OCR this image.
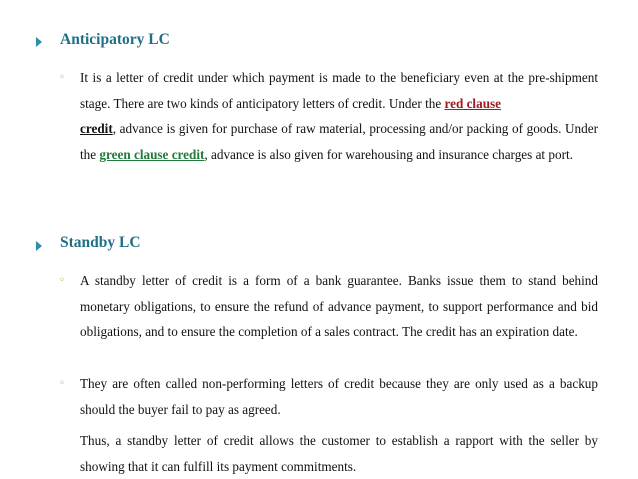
Anticipatory LC
◦ It is a letter of credit under which payment is made to the beneficiary even at the pre-shipment stage. There are two kinds of anticipatory letters of credit. Under the red clause
credit, advance is given for purchase of raw material, processing and/or packing of goods. Under the green clause credit, advance is also given for warehousing and insurance charges at port.
Standby LC
◦ A standby letter of credit is a form of a bank guarantee. Banks issue them to stand behind monetary obligations, to ensure the refund of advance payment, to support performance and bid obligations, and to ensure the completion of a sales contract. The credit has an expiration date.
◦ They are often called non-performing letters of credit because they are only used as a backup should the buyer fail to pay as agreed.
Thus, a standby letter of credit allows the customer to establish a rapport with the seller by showing that it can fulfill its payment commitments.
